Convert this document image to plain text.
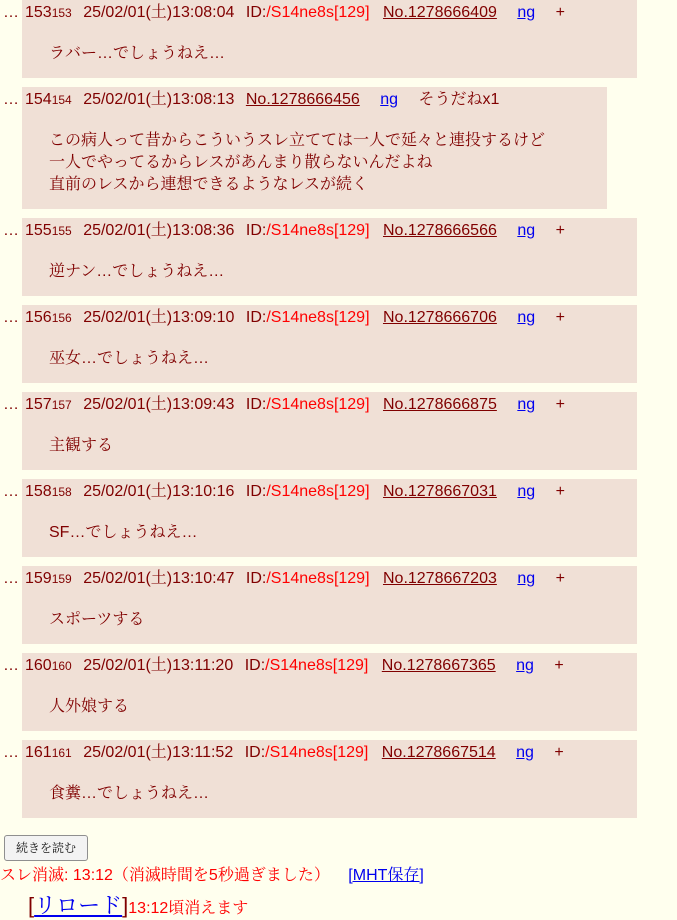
… 153153 25/02/01(土)13:08:04 ID:/S14ne8s[129] No.1278666409 ng +
ラバー…でしょうねえ…
… 154154 25/02/01(土)13:08:13 No.1278666456 ng そうだねx1
この病人って昔からこういうスレ立てては一人で延々と連投するけど
一人でやってるからレスがあんまり散らないんだよね
直前のレスから連想できるようなレスが続く
… 155155 25/02/01(土)13:08:36 ID:/S14ne8s[129] No.1278666566 ng +
逆ナン…でしょうねえ…
… 156156 25/02/01(土)13:09:10 ID:/S14ne8s[129] No.1278666706 ng +
巫女…でしょうねえ…
… 157157 25/02/01(土)13:09:43 ID:/S14ne8s[129] No.1278666875 ng +
主観する
… 158158 25/02/01(土)13:10:16 ID:/S14ne8s[129] No.1278667031 ng +
SF…でしょうねえ…
… 159159 25/02/01(土)13:10:47 ID:/S14ne8s[129] No.1278667203 ng +
スポーツする
… 160160 25/02/01(土)13:11:20 ID:/S14ne8s[129] No.1278667365 ng +
人外娘する
… 161161 25/02/01(土)13:11:52 ID:/S14ne8s[129] No.1278667514 ng +
食糞…でしょうねえ…
続きを読む
スレ消滅: 13:12（消滅時間を5秒過ぎました） [MHT保存]
[リロード]13:12頃消えます
